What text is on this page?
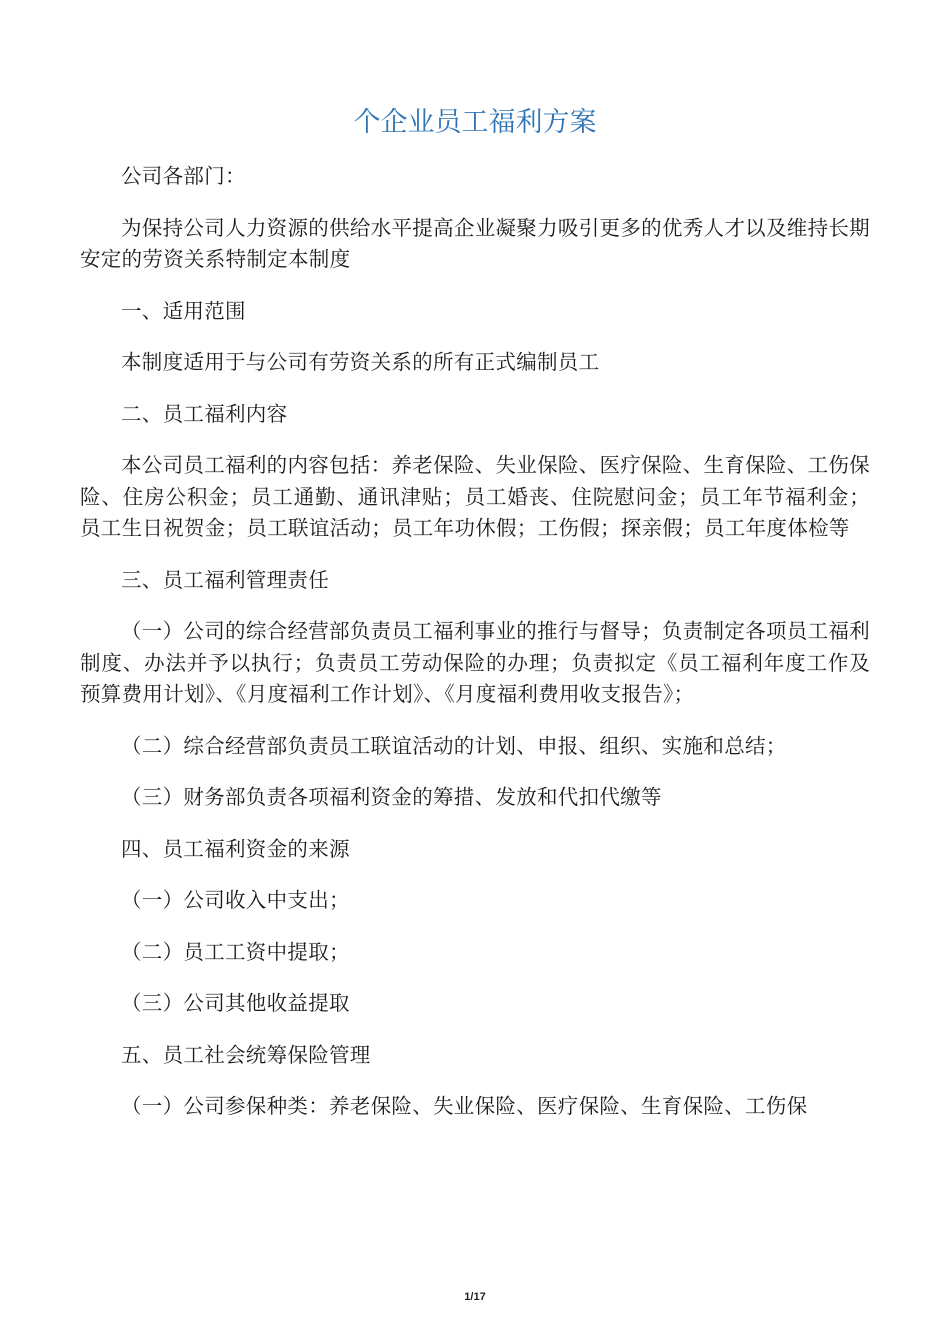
个企业员工福利方案

公司各部门：

为保持公司人力资源的供给水平提高企业凝聚力吸引更多的优秀人才以及维持长期安定的劳资关系特制定本制度

一、适用范围

本制度适用于与公司有劳资关系的所有正式编制员工

二、员工福利内容

本公司员工福利的内容包括：养老保险、失业保险、医疗保险、生育保险、工伤保险、住房公积金；员工通勤、通讯津贴；员工婚丧、住院慰问金；员工年节福利金；员工生日祝贺金；员工联谊活动；员工年功休假；工伤假；探亲假；员工年度体检等

三、员工福利管理责任

（一）公司的综合经营部负责员工福利事业的推行与督导；负责制定各项员工福利制度、办法并予以执行；负责员工劳动保险的办理；负责拟定《员工福利年度工作及预算费用计划》、《月度福利工作计划》、《月度福利费用收支报告》；

（二）综合经营部负责员工联谊活动的计划、申报、组织、实施和总结；

（三）财务部负责各项福利资金的筹措、发放和代扣代缴等

四、员工福利资金的来源

（一）公司收入中支出；

（二）员工工资中提取；

（三）公司其他收益提取

五、员工社会统筹保险管理

（一）公司参保种类：养老保险、失业保险、医疗保险、生育保险、工伤保

1/17
